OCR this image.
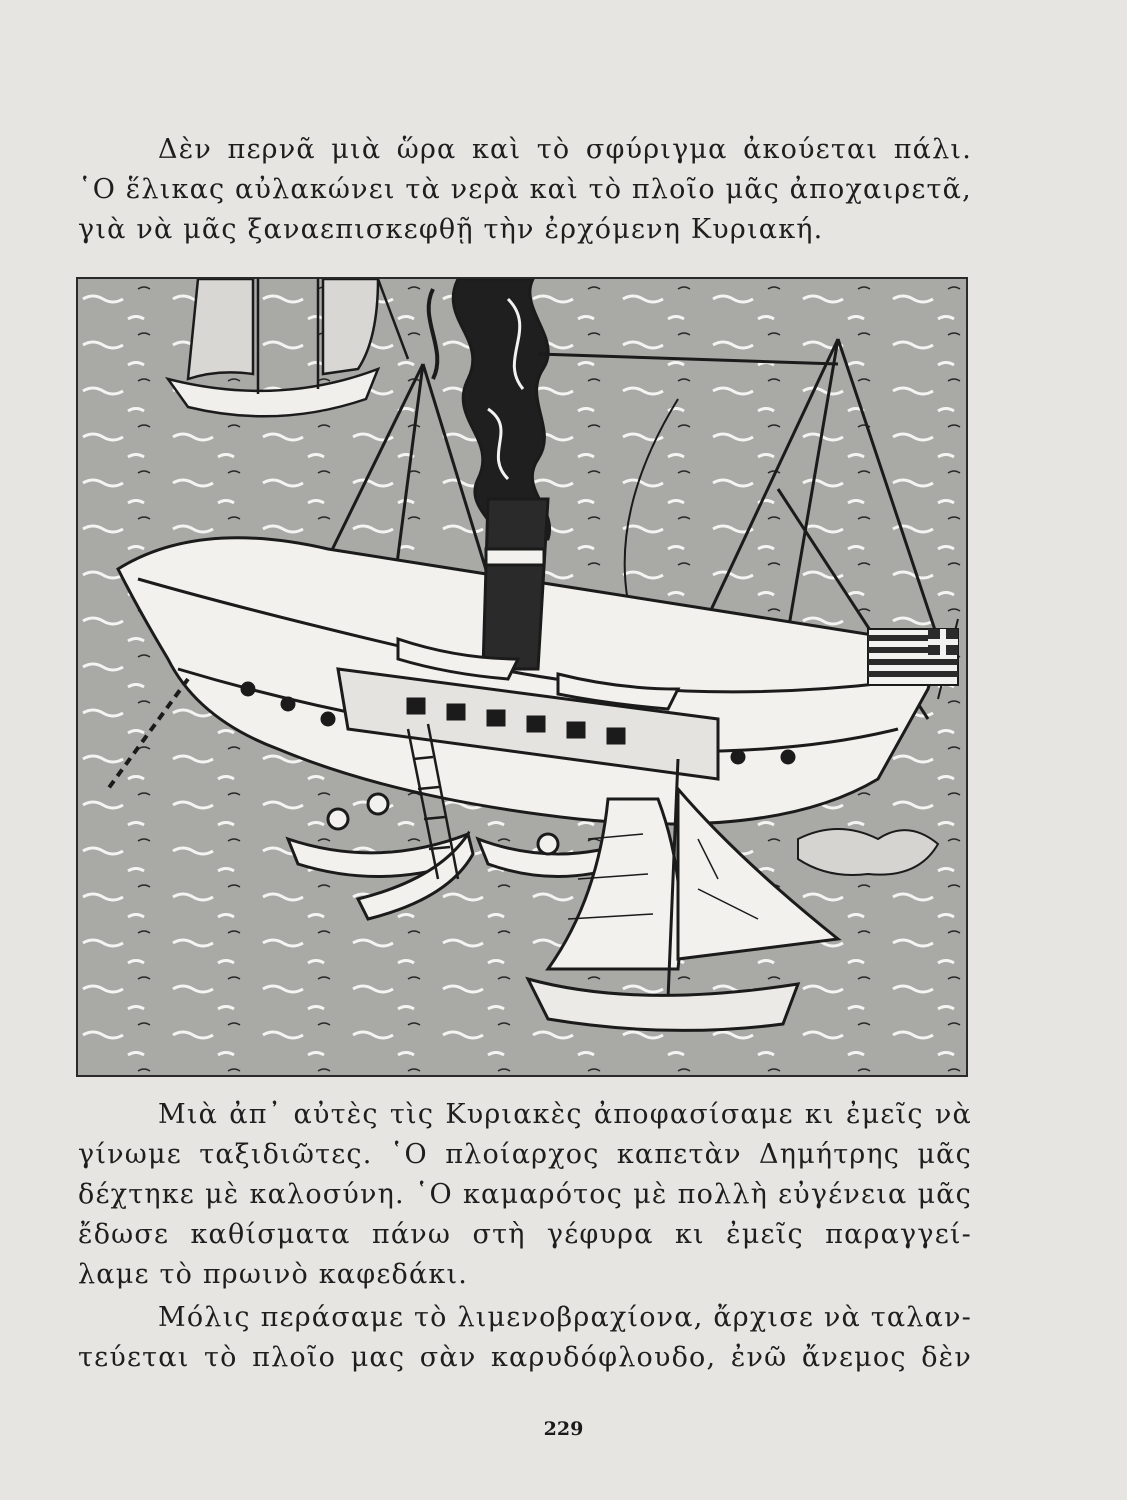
Δὲν περνᾶ μιὰ ὥρα καὶ τὸ σφύριγμα ἀκούεται πάλι.
῾Ο ἕλικας αὐλακώνει τὰ νερὰ καὶ τὸ πλοῖο μᾶς ἀποχαιρετᾶ,
γιὰ νὰ μᾶς ξαναεπισκεφθῇ τὴν ἐρχόμενη Κυριακή.
Μιὰ ἀπ᾿ αὐτὲς τὶς Κυριακὲς ἀποφασίσαμε κι ἐμεῖς νὰ
γίνωμε ταξιδιῶτες. ῾Ο πλοίαρχος καπετὰν Δημήτρης μᾶς
δέχτηκε μὲ καλοσύνη. ῾Ο καμαρότος μὲ πολλὴ εὐγένεια μᾶς
ἔδωσε καθίσματα πάνω στὴ γέφυρα κι ἐμεῖς παραγγεί-
λαμε τὸ πρωινὸ καφεδάκι.
Μόλις περάσαμε τὸ λιμενοβραχίονα, ἄρχισε νὰ ταλαν-
τεύεται τὸ πλοῖο μας σὰν καρυδόφλουδο, ἐνῶ ἄνεμος δὲν
229
